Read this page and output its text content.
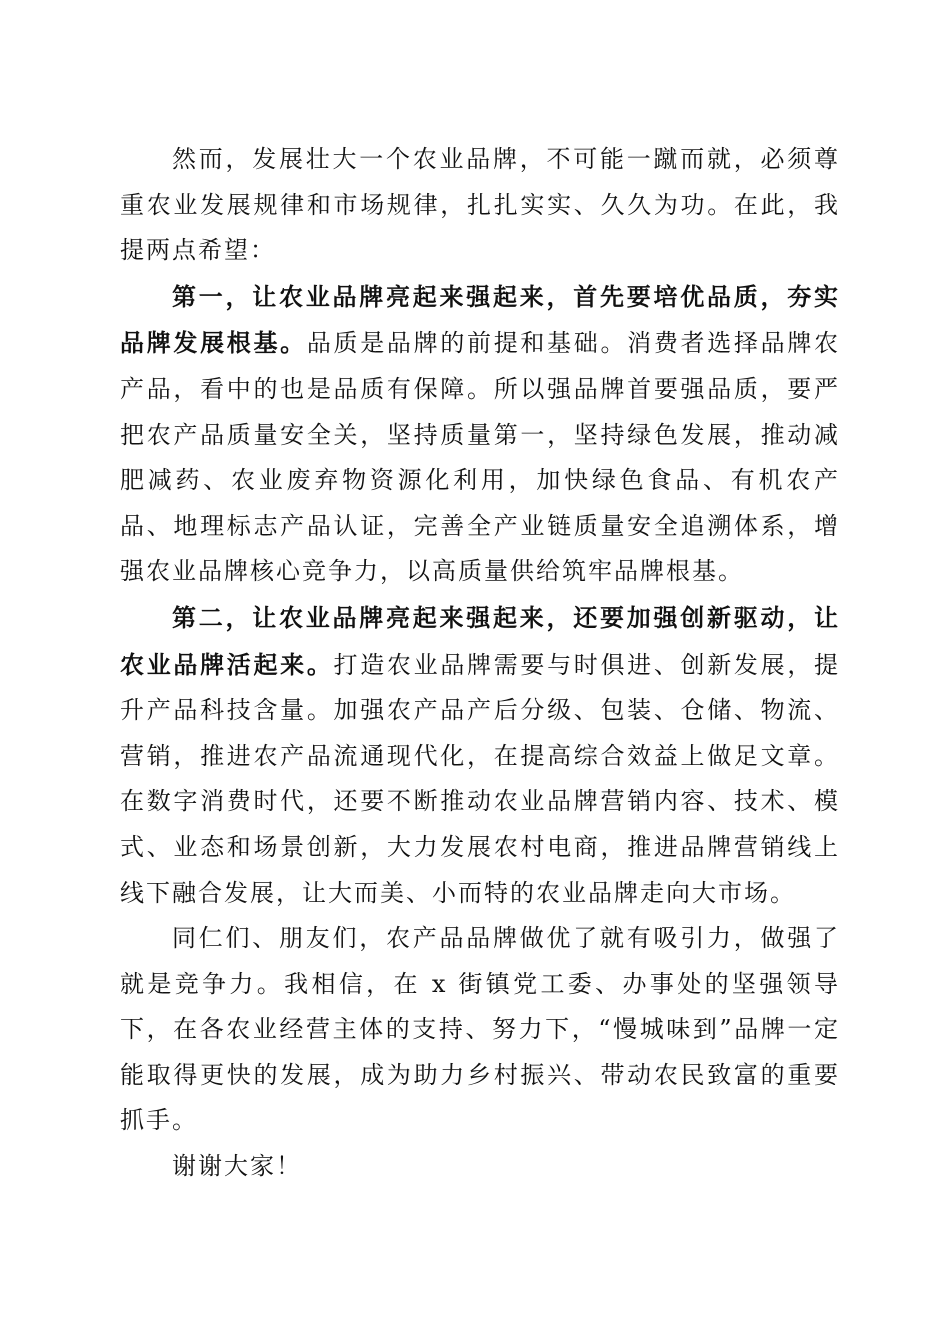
然而，发展壮大一个农业品牌，不可能一蹴而就，必须尊重农业发展规律和市场规律，扎扎实实、久久为功。在此，我提两点希望：

第一，让农业品牌亮起来强起来，首先要培优品质，夯实品牌发展根基。品质是品牌的前提和基础。消费者选择品牌农产品，看中的也是品质有保障。所以强品牌首要强品质，要严把农产品质量安全关，坚持质量第一，坚持绿色发展，推动减肥减药、农业废弃物资源化利用，加快绿色食品、有机农产品、地理标志产品认证，完善全产业链质量安全追溯体系，增强农业品牌核心竞争力，以高质量供给筑牢品牌根基。

第二，让农业品牌亮起来强起来，还要加强创新驱动，让农业品牌活起来。打造农业品牌需要与时俱进、创新发展，提升产品科技含量。加强农产品产后分级、包装、仓储、物流、营销，推进农产品流通现代化，在提高综合效益上做足文章。在数字消费时代，还要不断推动农业品牌营销内容、技术、模式、业态和场景创新，大力发展农村电商，推进品牌营销线上线下融合发展，让大而美、小而特的农业品牌走向大市场。

同仁们、朋友们，农产品品牌做优了就有吸引力，做强了就是竞争力。我相信，在 x 街镇党工委、办事处的坚强领导下，在各农业经营主体的支持、努力下，“慢城味到”品牌一定能取得更快的发展，成为助力乡村振兴、带动农民致富的重要抓手。

谢谢大家！
